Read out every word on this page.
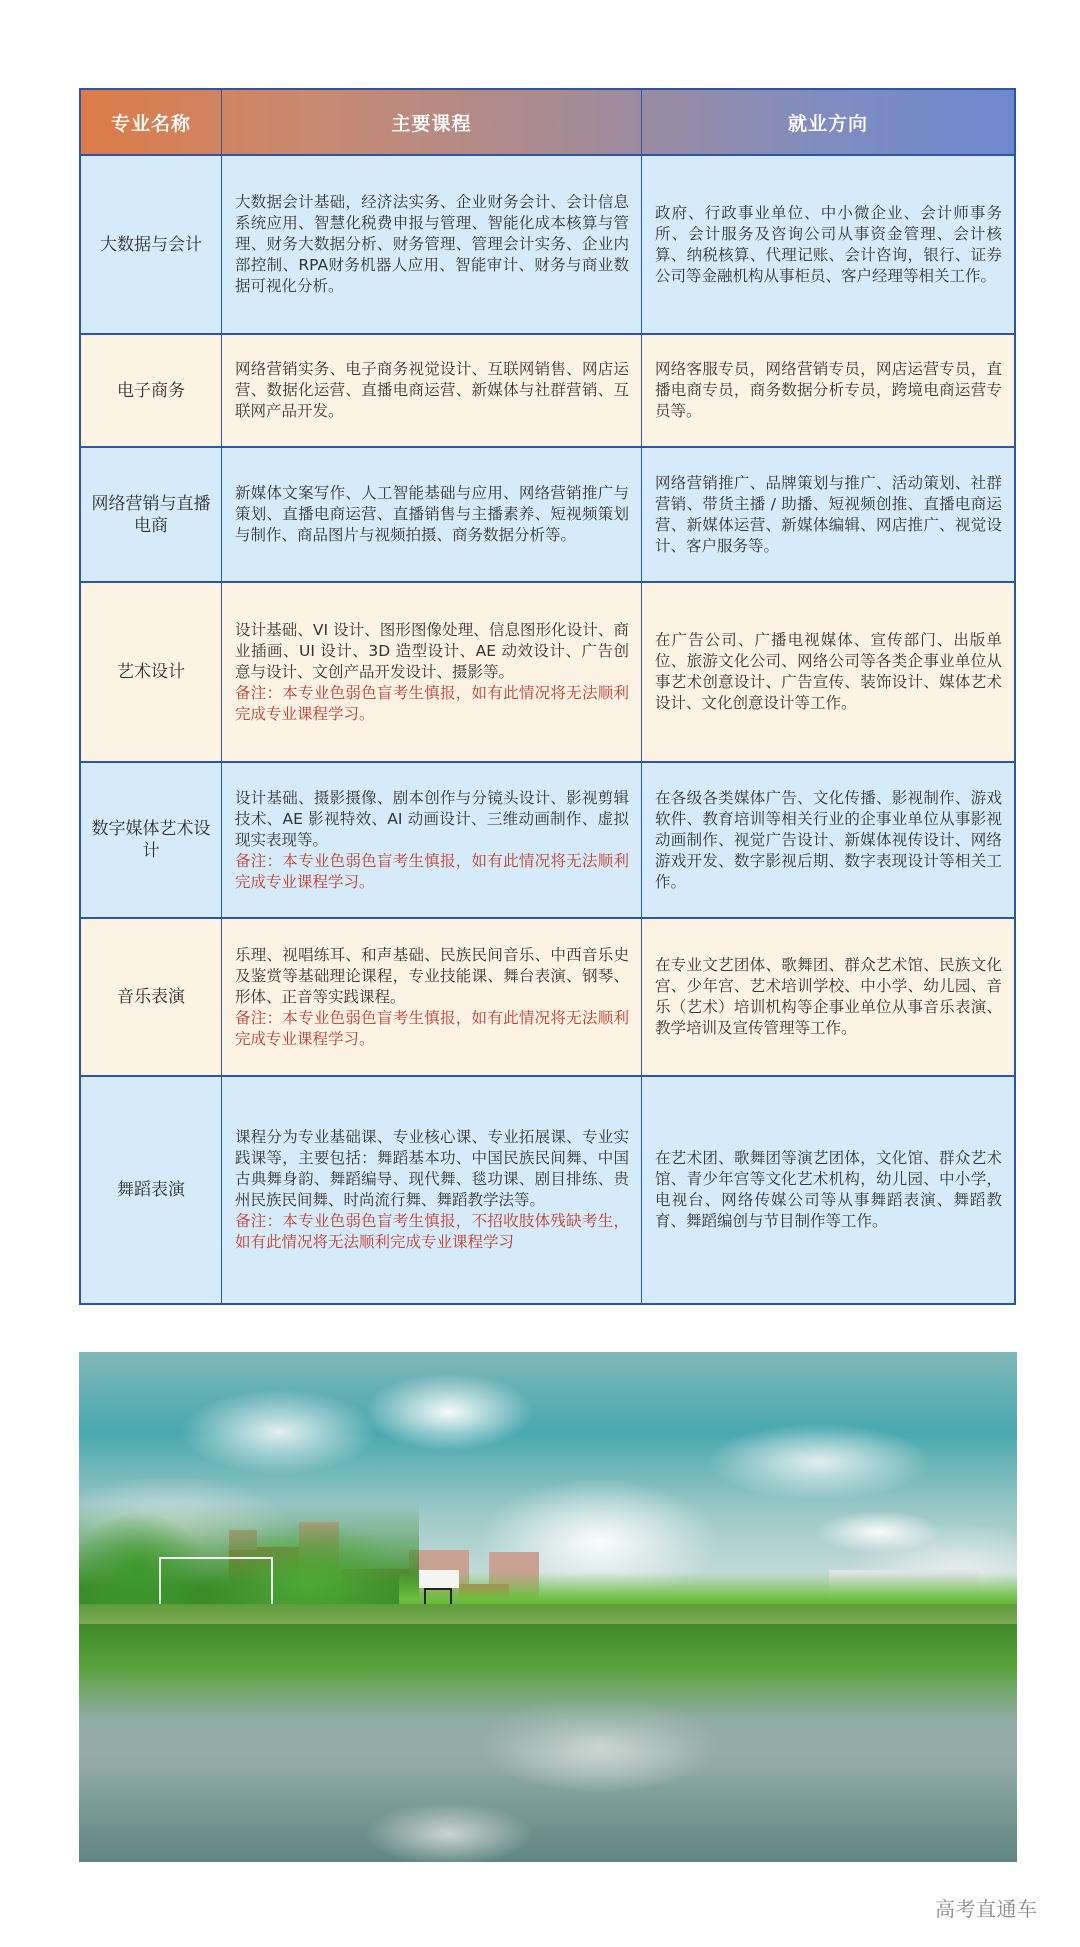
专业名称	主要课程	就业方向
大数据与会计
大数据会计基础，经济法实务、企业财务会计、会计信息系统应用、智慧化税费申报与管理、智能化成本核算与管理、财务大数据分析、财务管理、管理会计实务、企业内部控制、RPA财务机器人应用、智能审计、财务与商业数据可视化分析。
政府、行政事业单位、中小微企业、会计师事务所、会计服务及咨询公司从事资金管理、会计核算、纳税核算、代理记账、会计咨询，银行、证券公司等金融机构从事柜员、客户经理等相关工作。
电子商务
网络营销实务、电子商务视觉设计、互联网销售、网店运营、数据化运营、直播电商运营、新媒体与社群营销、互联网产品开发。
网络客服专员，网络营销专员，网店运营专员，直播电商专员，商务数据分析专员，跨境电商运营专员等。
网络营销与直播电商
新媒体文案写作、人工智能基础与应用、网络营销推广与策划、直播电商运营、直播销售与主播素养、短视频策划与制作、商品图片与视频拍摄、商务数据分析等。
网络营销推广、品牌策划与推广、活动策划、社群营销、带货主播 / 助播、短视频创推、直播电商运营、新媒体运营、新媒体编辑、网店推广、视觉设计、客户服务等。
艺术设计
设计基础、VI 设计、图形图像处理、信息图形化设计、商业插画、UI 设计、3D 造型设计、AE 动效设计、广告创意与设计、文创产品开发设计、摄影等。
备注：本专业色弱色盲考生慎报，如有此情况将无法顺利完成专业课程学习。
在广告公司、广播电视媒体、宣传部门、出版单位、旅游文化公司、网络公司等各类企事业单位从事艺术创意设计、广告宣传、装饰设计、媒体艺术设计、文化创意设计等工作。
数字媒体艺术设计
设计基础、摄影摄像、剧本创作与分镜头设计、影视剪辑技术、AE 影视特效、AI 动画设计、三维动画制作、虚拟现实表现等。
备注：本专业色弱色盲考生慎报，如有此情况将无法顺利完成专业课程学习。
在各级各类媒体广告、文化传播、影视制作、游戏软件、教育培训等相关行业的企事业单位从事影视动画制作、视觉广告设计、新媒体视传设计、网络游戏开发、数字影视后期、数字表现设计等相关工作。
音乐表演
乐理、视唱练耳、和声基础、民族民间音乐、中西音乐史及鉴赏等基础理论课程，专业技能课、舞台表演、钢琴、形体、正音等实践课程。
备注：本专业色弱色盲考生慎报，如有此情况将无法顺利完成专业课程学习。
在专业文艺团体、歌舞团、群众艺术馆、民族文化宫、少年宫、艺术培训学校、中小学、幼儿园、音乐（艺术）培训机构等企事业单位从事音乐表演、教学培训及宣传管理等工作。
舞蹈表演
课程分为专业基础课、专业核心课、专业拓展课、专业实践课等，主要包括：舞蹈基本功、中国民族民间舞、中国古典舞身韵、舞蹈编导、现代舞、毯功课、剧目排练、贵州民族民间舞、时尚流行舞、舞蹈教学法等。
备注：本专业色弱色盲考生慎报，不招收肢体残缺考生，如有此情况将无法顺利完成专业课程学习
在艺术团、歌舞团等演艺团体，文化馆、群众艺术馆、青少年宫等文化艺术机构，幼儿园、中小学，电视台、网络传媒公司等从事舞蹈表演、舞蹈教育、舞蹈编创与节目制作等工作。
高考直通车
